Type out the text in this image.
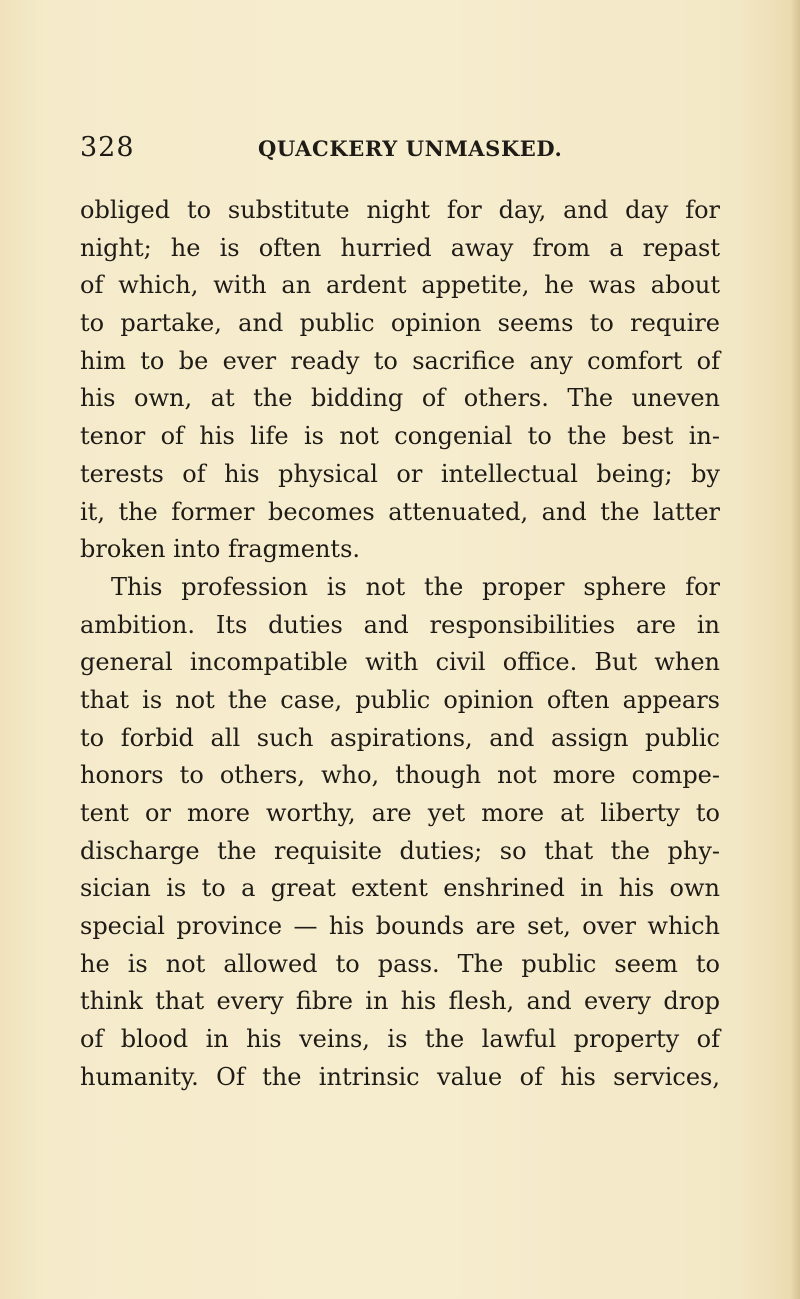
328	QUACKERY UNMASKED.
obliged to substitute night for day, and day for
night; he is often hurried away from a repast
of which, with an ardent appetite, he was about
to partake, and public opinion seems to require
him to be ever ready to sacrifice any comfort of
his own, at the bidding of others. The uneven
tenor of his life is not congenial to the best in-
terests of his physical or intellectual being; by
it, the former becomes attenuated, and the latter
broken into fragments.
This profession is not the proper sphere for
ambition. Its duties and responsibilities are in
general incompatible with civil office. But when
that is not the case, public opinion often appears
to forbid all such aspirations, and assign public
honors to others, who, though not more compe-
tent or more worthy, are yet more at liberty to
discharge the requisite duties; so that the phy-
sician is to a great extent enshrined in his own
special province — his bounds are set, over which
he is not allowed to pass. The public seem to
think that every fibre in his flesh, and every drop
of blood in his veins, is the lawful property of
humanity. Of the intrinsic value of his services,
